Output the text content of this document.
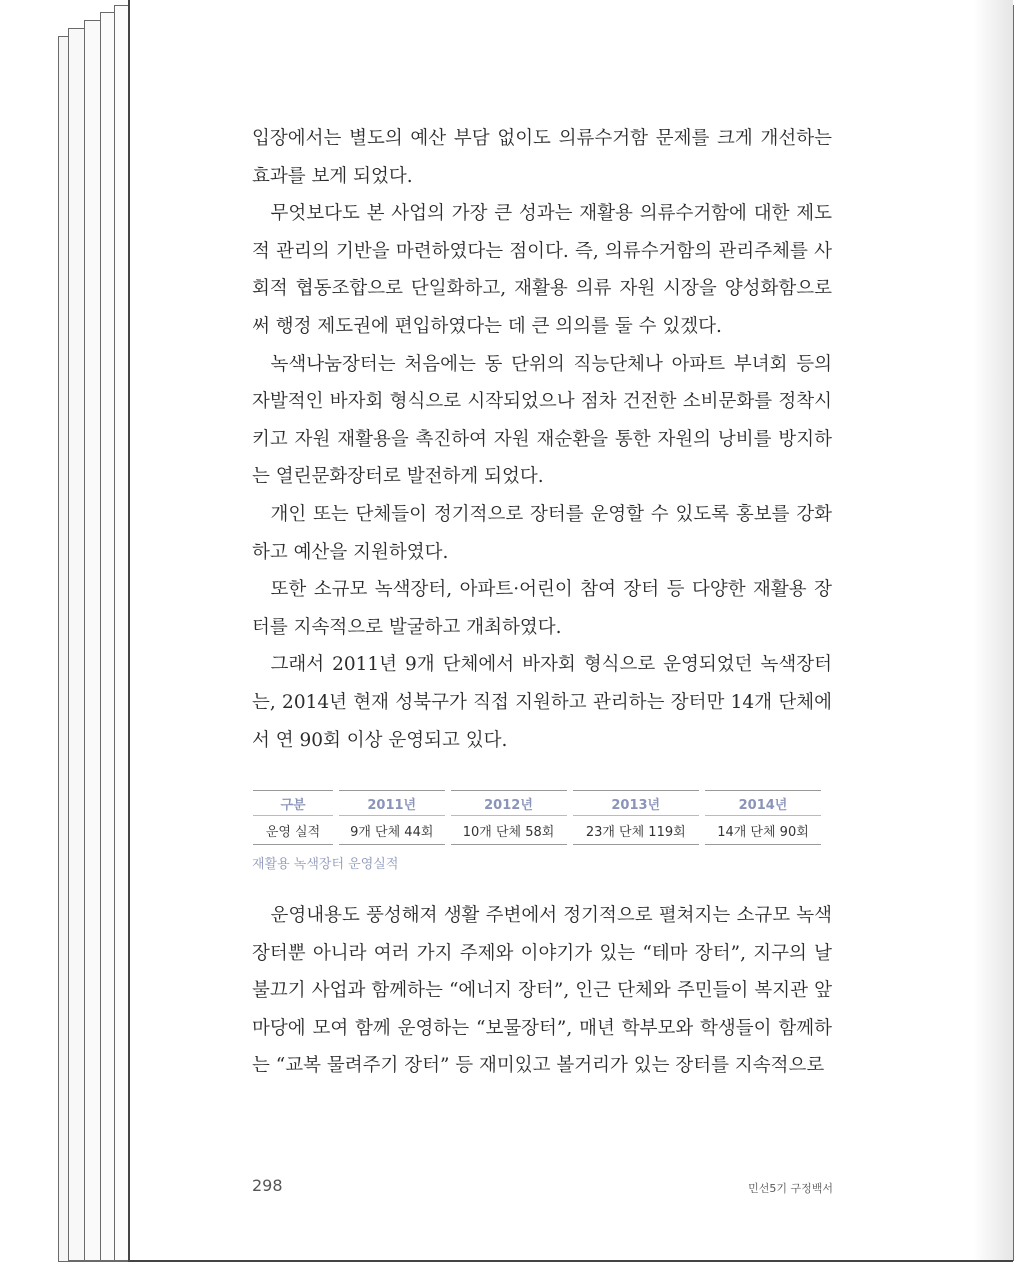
입장에서는 별도의 예산 부담 없이도 의류수거함 문제를 크게 개선하는 효과를 보게 되었다.

무엇보다도 본 사업의 가장 큰 성과는 재활용 의류수거함에 대한 제도적 관리의 기반을 마련하였다는 점이다. 즉, 의류수거함의 관리주체를 사회적 협동조합으로 단일화하고, 재활용 의류 자원 시장을 양성화함으로써 행정 제도권에 편입하였다는 데 큰 의의를 둘 수 있겠다.

녹색나눔장터는 처음에는 동 단위의 직능단체나 아파트 부녀회 등의 자발적인 바자회 형식으로 시작되었으나 점차 건전한 소비문화를 정착시키고 자원 재활용을 촉진하여 자원 재순환을 통한 자원의 낭비를 방지하는 열린문화장터로 발전하게 되었다.

개인 또는 단체들이 정기적으로 장터를 운영할 수 있도록 홍보를 강화하고 예산을 지원하였다.

또한 소규모 녹색장터, 아파트·어린이 참여 장터 등 다양한 재활용 장터를 지속적으로 발굴하고 개최하였다.

그래서 2011년 9개 단체에서 바자회 형식으로 운영되었던 녹색장터는, 2014년 현재 성북구가 직접 지원하고 관리하는 장터만 14개 단체에서 연 90회 이상 운영되고 있다.

구분	2011년	2012년	2013년	2014년
운영 실적	9개 단체 44회	10개 단체 58회	23개 단체 119회	14개 단체 90회
재활용 녹색장터 운영실적

운영내용도 풍성해져 생활 주변에서 정기적으로 펼쳐지는 소규모 녹색장터뿐 아니라 여러 가지 주제와 이야기가 있는 “테마 장터”, 지구의 날 불끄기 사업과 함께하는 “에너지 장터”, 인근 단체와 주민들이 복지관 앞마당에 모여 함께 운영하는 “보물장터”, 매년 학부모와 학생들이 함께하는 “교복 물려주기 장터” 등 재미있고 볼거리가 있는 장터를 지속적으로

298	민선5기 구정백서
